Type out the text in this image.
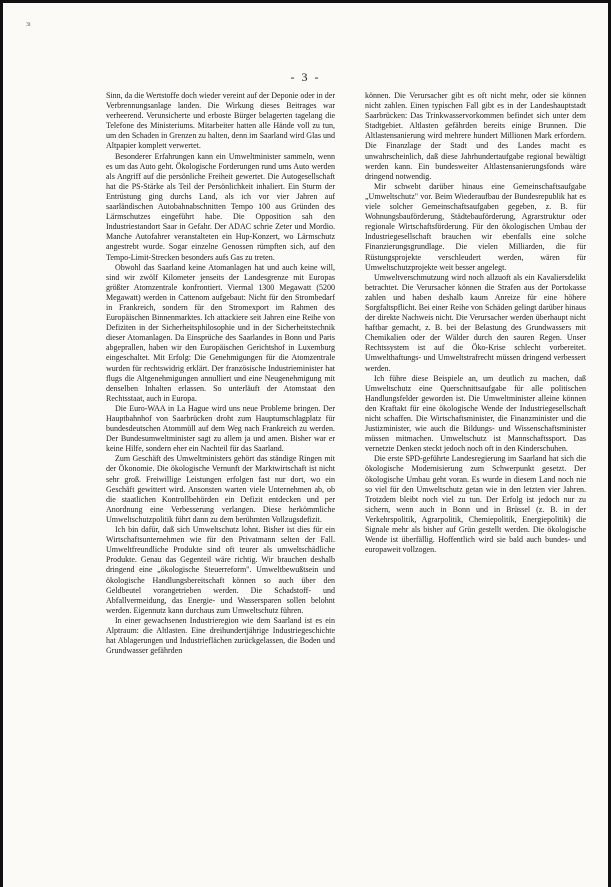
3i
- 3 -

Sinn, da die Wertstoffe doch wieder vereint auf der Deponie oder in der Verbrennungsanlage landen. Die Wirkung dieses Beitrages war verheerend. Verunsicherte und erboste Bürger belagerten tagelang die Telefone des Ministeriums. Mitarbeiter hatten alle Hände voll zu tun, um den Schaden in Grenzen zu halten, denn im Saarland wird Glas und Altpapier komplett verwertet.

Besonderer Erfahrungen kann ein Umweltminister sammeln, wenn es um das Auto geht. Ökologische Forderungen rund ums Auto werden als Angriff auf die persönliche Freiheit gewertet. Die Autogesellschaft hat die PS-Stärke als Teil der Persönlichkeit inhaliert. Ein Sturm der Entrüstung ging durchs Land, als ich vor vier Jahren auf saarländischen Autobahnabschnitten Tempo 100 aus Gründen des Lärmschutzes eingeführt habe. Die Opposition sah den Industriestandort Saar in Gefahr. Der ADAC schrie Zeter und Mordio. Manche Autofahrer veranstalteten ein Hup-Konzert, wo Lärmschutz angestrebt wurde. Sogar einzelne Genossen rümpften sich, auf den Tempo-Limit-Strecken besonders aufs Gas zu treten.

Obwohl das Saarland keine Atomanlagen hat und auch keine will, sind wir zwölf Kilometer jenseits der Landesgrenze mit Europas größter Atomzentrale konfrontiert. Viermal 1300 Megawatt (5200 Megawatt) werden in Cattenom aufgebaut: Nicht für den Strombedarf in Frankreich, sondern für den Stromexport im Rahmen des Europäischen Binnenmarktes. Ich attackiere seit Jahren eine Reihe von Defiziten in der Sicherheitsphilosophie und in der Sicherheitstechnik dieser Atomanlagen. Da Einsprüche des Saarlandes in Bonn und Paris abgeprallen, haben wir den Europäischen Gerichtshof in Luxemburg eingeschaltet. Mit Erfolg: Die Genehmigungen für die Atomzentrale wurden für rechtswidrig erklärt. Der französische Industrieminister hat flugs die Altgenehmigungen annulliert und eine Neugenehmigung mit denselben Inhalten erlassen. So unterläuft der Atomstaat den Rechtsstaat, auch in Europa.

Die Euro-WAA in La Hague wird uns neue Probleme bringen. Der Hauptbahnhof von Saarbrücken droht zum Hauptumschlagplatz für bundesdeutschen Atommüll auf dem Weg nach Frankreich zu werden. Der Bundesumweltminister sagt zu allem ja und amen. Bisher war er keine Hilfe, sondern eher ein Nachteil für das Saarland.

Zum Geschäft des Umweltministers gehört das ständige Ringen mit der Ökonomie. Die ökologische Vernunft der Marktwirtschaft ist nicht sehr groß. Freiwillige Leistungen erfolgen fast nur dort, wo ein Geschäft gewittert wird. Ansonsten warten viele Unternehmen ab, ob die staatlichen Kontrollbehörden ein Defizit entdecken und per Anordnung eine Verbesserung verlangen. Diese herkömmliche Umweltschutzpolitik führt dann zu dem berühmten Vollzugsdefizit.

Ich bin dafür, daß sich Umweltschutz lohnt. Bisher ist dies für ein Wirtschaftsunternehmen wie für den Privatmann selten der Fall. Umweltfreundliche Produkte sind oft teurer als umweltschädliche Produkte. Genau das Gegenteil wäre richtig. Wir brauchen deshalb dringend eine „ökologische Steuerreform". Umweltbewußtsein und ökologische Handlungsbereitschaft können so auch über den Geldbeutel vorangetrieben werden. Die Schadstoff- und Abfallvermeidung, das Energie- und Wassersparen sollen belohnt werden. Eigennutz kann durchaus zum Umweltschutz führen.

In einer gewachsenen Industrieregion wie dem Saarland ist es ein Alptraum: die Altlasten. Eine dreihundertjährige Industriegeschichte hat Ablagerungen und Industrieflächen zurückgelassen, die Boden und Grundwasser gefährden

können. Die Verursacher gibt es oft nicht mehr, oder sie können nicht zahlen. Einen typischen Fall gibt es in der Landeshauptstadt Saarbrücken: Das Trinkwasservorkommen befindet sich unter dem Stadtgebiet. Altlasten gefährden bereits einige Brunnen. Die Altlastensanierung wird mehrere hundert Millionen Mark erfordern. Die Finanzlage der Stadt und des Landes macht es unwahrscheinlich, daß diese Jahrhundertaufgabe regional bewältigt werden kann. Ein bundesweiter Altlastensanierungsfonds wäre dringend notwendig.

Mir schwebt darüber hinaus eine Gemeinschaftsaufgabe „Umweltschutz" vor. Beim Wiederaufbau der Bundesrepublik hat es viele solcher Gemeinschaftsaufgaben gegeben, z. B. für Wohnungsbauförderung, Städtebauförderung, Agrarstruktur oder regionale Wirtschaftsförderung. Für den ökologischen Umbau der Industriegesellschaft brauchen wir ebenfalls eine solche Finanzierungsgrundlage. Die vielen Milliarden, die für Rüstungsprojekte verschleudert werden, wären für Umweltschutzprojekte weit besser angelegt.

Umweltverschmutzung wird noch allzuoft als ein Kavaliersdelikt betrachtet. Die Verursacher können die Strafen aus der Portokasse zahlen und haben deshalb kaum Anreize für eine höhere Sorgfaltspflicht. Bei einer Reihe von Schäden gelingt darüber hinaus der direkte Nachweis nicht. Die Verursacher werden überhaupt nicht haftbar gemacht, z. B. bei der Belastung des Grundwassers mit Chemikalien oder der Wälder durch den sauren Regen. Unser Rechtssystem ist auf die Öko-Krise schlecht vorbereitet. Umwelthaftungs- und Umweltstrafrecht müssen dringend verbessert werden.

Ich führe diese Beispiele an, um deutlich zu machen, daß Umweltschutz eine Querschnittsaufgabe für alle politischen Handlungsfelder geworden ist. Die Umweltminister alleine können den Kraftakt für eine ökologische Wende der Industriegesellschaft nicht schaffen. Die Wirtschaftsminister, die Finanzminister und die Justizminister, wie auch die Bildungs- und Wissenschaftsminister müssen mitmachen. Umweltschutz ist Mannschaftssport. Das vernetzte Denken steckt jedoch noch oft in den Kinderschuhen.

Die erste SPD-geführte Landesregierung im Saarland hat sich die ökologische Modernisierung zum Schwerpunkt gesetzt. Der ökologische Umbau geht voran. Es wurde in diesem Land noch nie so viel für den Umweltschutz getan wie in den letzten vier Jahren. Trotzdem bleibt noch viel zu tun. Der Erfolg ist jedoch nur zu sichern, wenn auch in Bonn und in Brüssel (z. B. in der Verkehrspolitik, Agrarpolitik, Chemiepolitik, Energiepolitik) die Signale mehr als bisher auf Grün gestellt werden. Die ökologische Wende ist überfällig. Hoffentlich wird sie bald auch bundes- und europaweit vollzogen.
